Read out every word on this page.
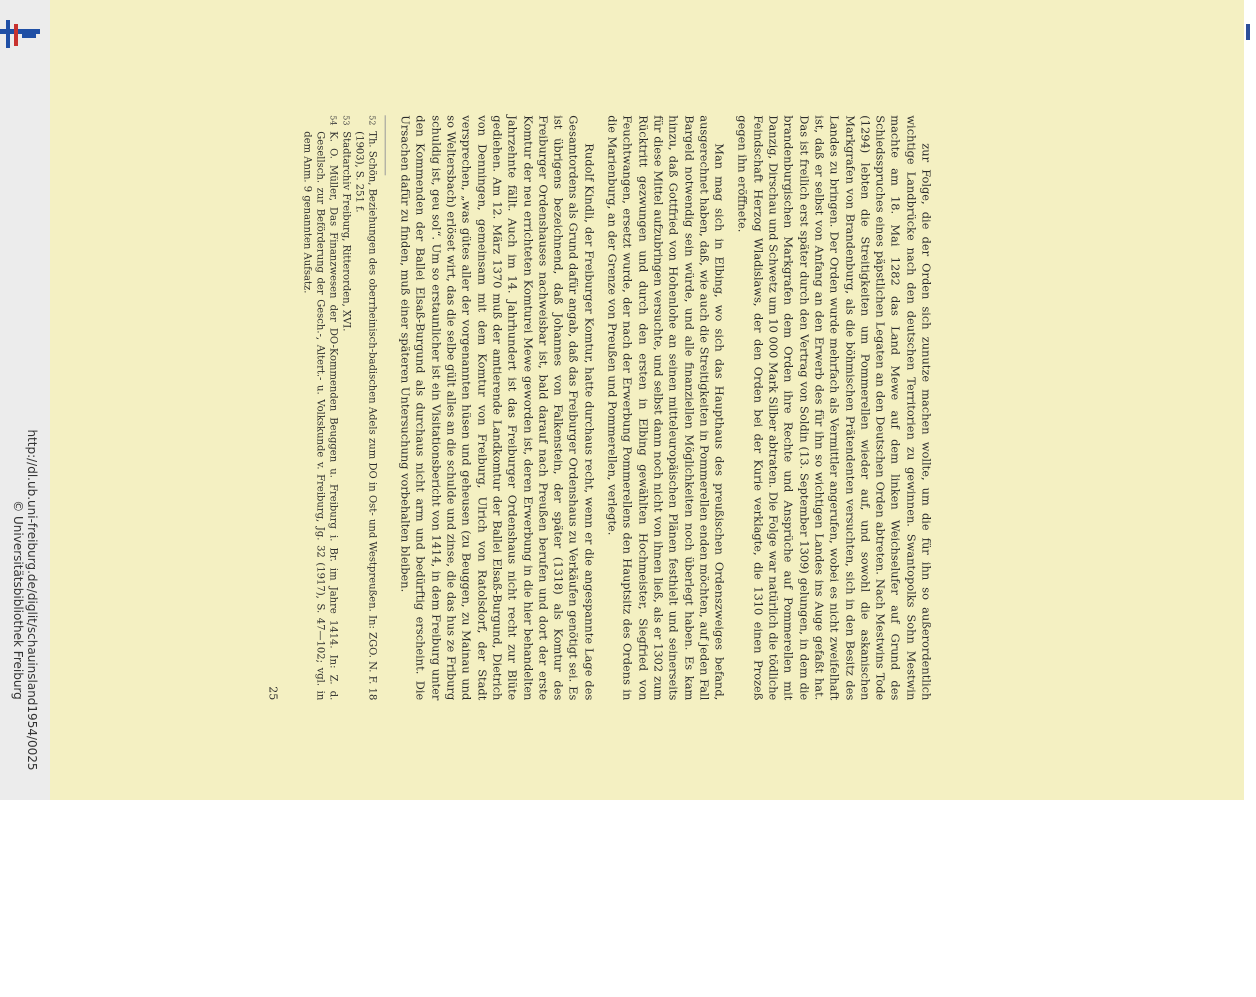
http://dl.ub.uni-freiburg.de/diglit/schauinsland1954/0025
© Universitätsbibliothek Freiburg	zur Folge, die der Orden sich zunutze machen wollte, um die für ihn so außerordentlich wichtige Landbrücke nach den deutschen Territorien zu gewinnen. Swantopolks Sohn Mestwin machte am 18. Mai 1282 das Land Mewe auf dem linken Weichselufer auf Grund des Schiedsspruches eines päpstlichen Legaten an den Deutschen Orden abtreten. Nach Mestwins Tode (1294) lebten die Streitigkeiten um Pommerellen wieder auf, und sowohl die askanischen Markgrafen von Brandenburg, als die böhmischen Prätendenten versuchten, sich in den Besitz des Landes zu bringen. Der Orden wurde mehrfach als Vermittler angerufen, wobei es nicht zweifelhaft ist, daß er selbst von Anfang an den Erwerb des für ihn so wichtigen Landes ins Auge gefaßt hat. Das ist freilich erst später durch den Vertrag von Soldin (13. September 1309) gelungen, in dem die brandenburgischen Markgrafen dem Orden ihre Rechte und Ansprüche auf Pommerellen mit Danzig, Dirschau und Schwetz um 10 000 Mark Silber abtraten. Die Folge war natürlich die tödliche Feindschaft Herzog Wladislaws, der den Orden bei der Kurie verklagte, die 1310 einen Prozeß gegen ihn eröffnete.

Man mag sich in Elbing, wo sich das Haupthaus des preußischen Ordenszweiges befand, ausgerechnet haben, daß, wie auch die Streitigkeiten in Pommerellen enden möchten, auf jeden Fall Bargeld notwendig sein würde, und alle finanziellen Möglichkeiten noch überlegt haben. Es kam hinzu, daß Gottfried von Hohenlohe an seinen mitteleuropäischen Plänen festhielt und seinerseits für diese Mittel aufzubringen versuchte, und selbst dann noch nicht von ihnen ließ, als er 1302 zum Rücktritt gezwungen und durch den ersten in Elbing gewählten Hochmeister, Siegfried von Feuchtwangen, ersetzt wurde, der nach der Erwerbung Pommerellens den Hauptsitz des Ordens in die Marienburg, an der Grenze von Preußen und Pommerellen, verlegte.

Rudolf Kindli, der Freiburger Komtur, hatte durchaus recht, wenn er die angespannte Lage des Gesamtordens als Grund dafür angab, daß das Freiburger Ordenshaus zu Verkäufen genötigt sei. Es ist übrigens bezeichnend, daß Johannes von Falkenstein, der später (1318) als Komtur des Freiburger Ordenshauses nachweisbar ist, bald darauf nach Preußen berufen und dort der erste Komtur der neu errichteten Komturei Mewe geworden ist, deren Erwerbung in die hier behandelten Jahrzehnte fällt. Auch im 14. Jahrhundert ist das Freiburger Ordenshaus nicht recht zur Blüte gediehen. Am 12. März 1370 muß der amtierende Landkomtur der Ballei Elsaß-Burgund, Dietrich von Denningen, gemeinsam mit dem Komtur von Freiburg, Ulrich von Ratolsdorf, der Stadt versprechen, „was gütes aller der vorgenannten hüsen und geheusen (zu Beuggen, zu Mainau und so Weltersbach) erlöset wirt, das die selbe gült alles an die schulde und zinse, die das hus ze Friburg schuldig ist, geu sol“. Um so erstaunlicher ist ein Visitationsbericht von 1414, in dem Freiburg unter den Kommenden der Ballei Elsaß-Burgund als durchaus nicht arm und bedürftig erscheint. Die Ursachen dafür zu finden, muß einer späteren Untersuchung vorbehalten bleiben.

52
Th. Schön, Beziehungen des oberrheinisch-badischen Adels zum DO in Ost- und Westpreußen. In: ZGO. N. F. 18 (1903), S. 251 f.
53
Stadtarchiv Freiburg, Ritterorden, XVI.
54
K. O. Müller, Das Finanzwesen der DO-Kommenden Beuggen u. Freiburg i. Br. im Jahre 1414. In: Z. d. Gesellsch. zur Beförderung der Gesch.-, Altert.- u. Volkskunde v. Freiburg, Jg. 32 (1917), S. 47—102; vgl. in dem Anm. 9 genannten Aufsatz.
25
